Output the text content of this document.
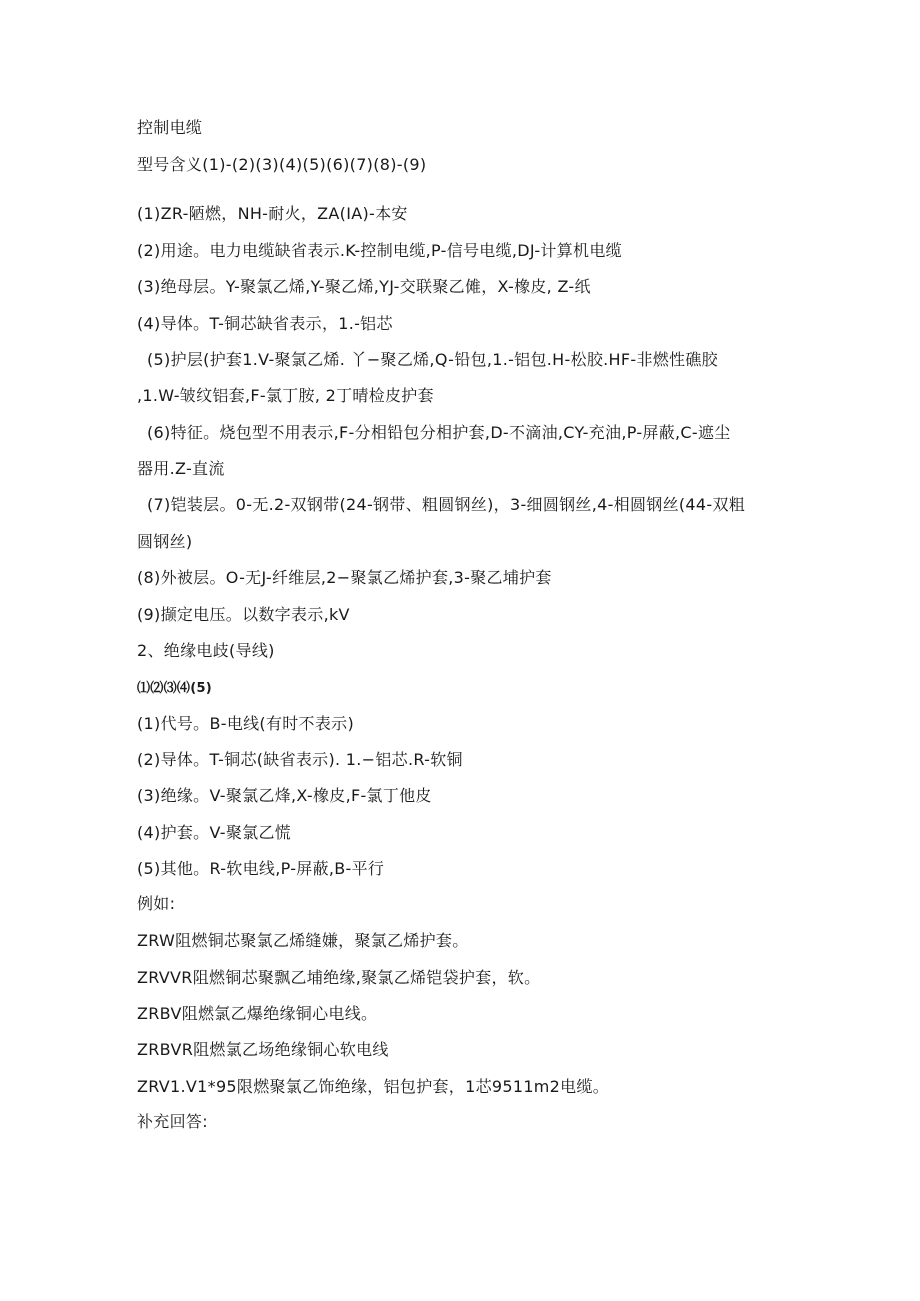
控制电缆
型号含义(1)-(2)(3)(4)(5)(6)(7)(8)-(9)
(1)ZR-陋燃，NH-耐火，ZA(IA)-本安
(2)用途。电力电缆缺省表示.K-控制电缆,P-信号电缆,DJ-计算机电缆
(3)绝母层。Y-聚氯乙烯,Y-聚乙烯,YJ-交联聚乙傩，X-橡皮, Z-纸
(4)导体。T-铜芯缺省表示，1.-铝芯
(5)护层(护套1.V-聚氯乙烯. 丫−聚乙烯,Q-铅包,1.-铝包.H-松胶.HF-非燃性礁胶
,1.W-皱纹铝套,F-氯丁胺, 2丁晴检皮护套
(6)特征。烧包型不用表示,F-分相铅包分相护套,D-不滴油,CY-充油,P-屏蔽,C-遮尘
器用.Z-直流
(7)铠装层。0-无.2-双钢带(24-钢带、粗圆钢丝)，3-细圆钢丝,4-相圆钢丝(44-双粗
圆钢丝)
(8)外被层。O-无J-纤维层,2−聚氯乙烯护套,3-聚乙埔护套
(9)撷定电压。以数字表示,kV
2、绝缘电歧(导线)
⑴⑵⑶⑷(5)
(1)代号。B-电线(有时不表示)
(2)导体。T-铜芯(缺省表示). 1.−铝芯.R-软铜
(3)绝缘。V-聚氯乙烽,X-橡皮,F-氯丁他皮
(4)护套。V-聚氯乙慌
(5)其他。R-软电线,P-屏蔽,B-平行
例如:
ZRW阻燃铜芯聚氯乙烯缝嫌，聚氯乙烯护套。
ZRVVR阻燃铜芯聚飘乙埔绝缘,聚氯乙烯铠袋护套，软。
ZRBV阻燃氯乙爆绝缘铜心电线。
ZRBVR阻燃氯乙场绝缘铜心软电线
ZRV1.V1*95限燃聚氯乙饰绝缘，铝包护套，1芯9511m2电缆。
补充回答:
